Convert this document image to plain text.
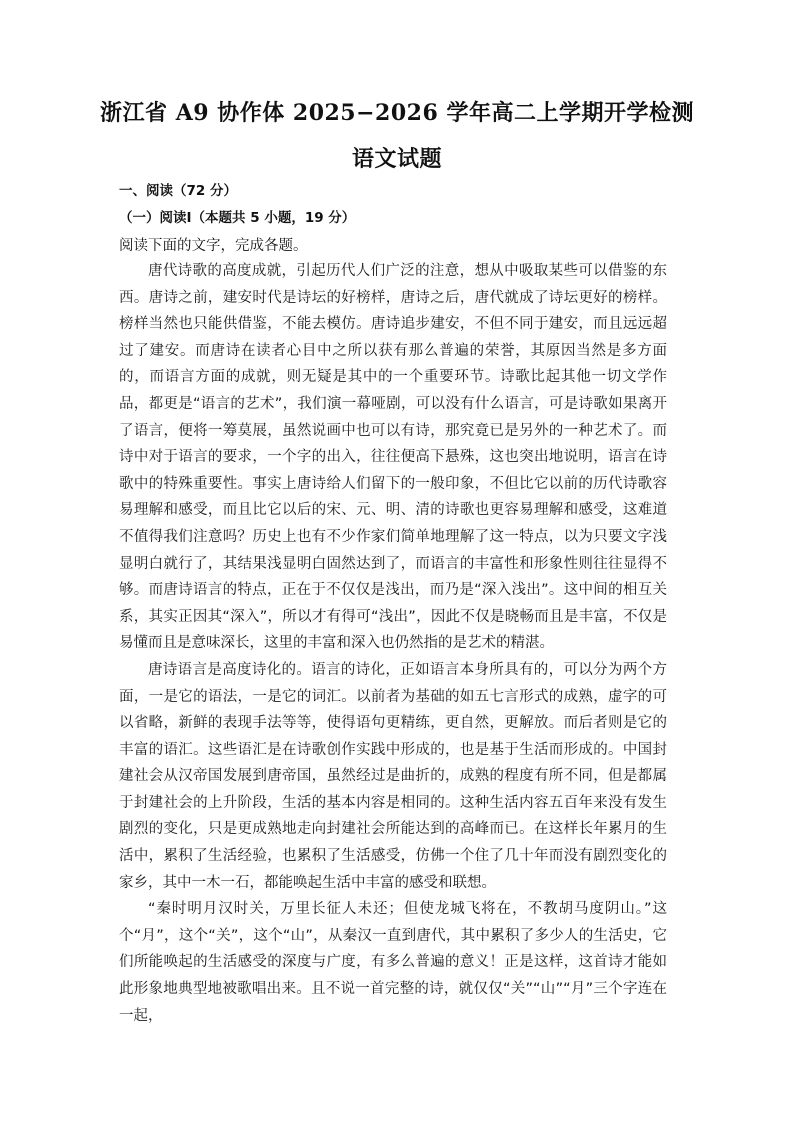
浙江省 A9 协作体 2025−2026 学年高二上学期开学检测
语文试题
一、阅读（72 分）
（一）阅读Ⅰ（本题共 5 小题，19 分）
阅读下面的文字，完成各题。

唐代诗歌的高度成就，引起历代人们广泛的注意，想从中吸取某些可以借鉴的东西。唐诗之前，建安时代是诗坛的好榜样，唐诗之后，唐代就成了诗坛更好的榜样。榜样当然也只能供借鉴，不能去模仿。唐诗追步建安，不但不同于建安，而且远远超过了建安。而唐诗在读者心目中之所以获有那么普遍的荣誉，其原因当然是多方面的，而语言方面的成就，则无疑是其中的一个重要环节。诗歌比起其他一切文学作品，都更是“语言的艺术”，我们演一幕哑剧，可以没有什么语言，可是诗歌如果离开了语言，便将一筹莫展，虽然说画中也可以有诗，那究竟已是另外的一种艺术了。而诗中对于语言的要求，一个字的出入，往往便高下悬殊，这也突出地说明，语言在诗歌中的特殊重要性。事实上唐诗给人们留下的一般印象，不但比它以前的历代诗歌容易理解和感受，而且比它以后的宋、元、明、清的诗歌也更容易理解和感受，这难道不值得我们注意吗？历史上也有不少作家们简单地理解了这一特点，以为只要文字浅显明白就行了，其结果浅显明白固然达到了，而语言的丰富性和形象性则往往显得不够。而唐诗语言的特点，正在于不仅仅是浅出，而乃是“深入浅出”。这中间的相互关系，其实正因其“深入”，所以才有得可“浅出”，因此不仅是晓畅而且是丰富，不仅是易懂而且是意味深长，这里的丰富和深入也仍然指的是艺术的精湛。

唐诗语言是高度诗化的。语言的诗化，正如语言本身所具有的，可以分为两个方面，一是它的语法，一是它的词汇。以前者为基础的如五七言形式的成熟，虚字的可以省略，新鲜的表现手法等等，使得语句更精练，更自然，更解放。而后者则是它的丰富的语汇。这些语汇是在诗歌创作实践中形成的，也是基于生活而形成的。中国封建社会从汉帝国发展到唐帝国，虽然经过是曲折的，成熟的程度有所不同，但是都属于封建社会的上升阶段，生活的基本内容是相同的。这种生活内容五百年来没有发生剧烈的变化，只是更成熟地走向封建社会所能达到的高峰而已。在这样长年累月的生活中，累积了生活经验，也累积了生活感受，仿佛一个住了几十年而没有剧烈变化的家乡，其中一木一石，都能唤起生活中丰富的感受和联想。

“秦时明月汉时关，万里长征人未还；但使龙城飞将在，不教胡马度阴山。”这个“月”，这个“关”，这个“山”，从秦汉一直到唐代，其中累积了多少人的生活史，它们所能唤起的生活感受的深度与广度，有多么普遍的意义！正是这样，这首诗才能如此形象地典型地被歌唱出来。且不说一首完整的诗，就仅仅“关”“山”“月”三个字连在一起，
